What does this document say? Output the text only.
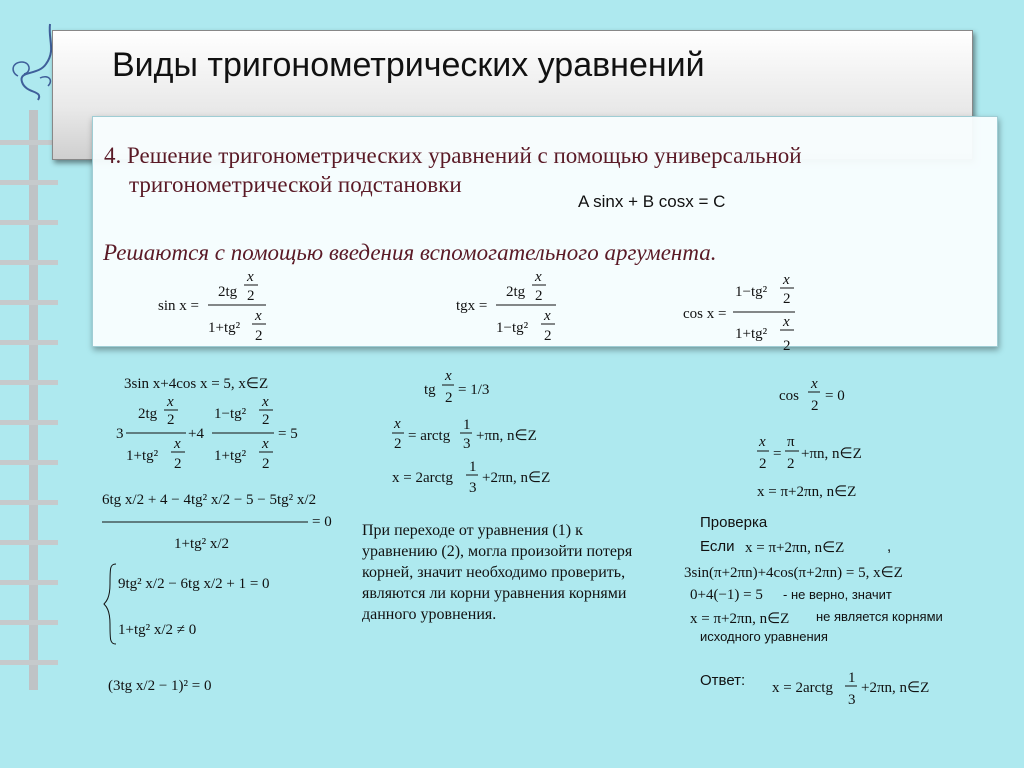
Виды тригонометрических уравнений

4. Решение тригонометрических уравнений с помощью универсальной
тригонометрической подстановки

A sinx + B cosx = C

Решаются с помощью введения вспомогательного аргумента.

sin x =
2tg
x
2
1+tg²
x
2
tgx =
2tg
x
2
1−tg²
x
2
cos x =
1−tg²
x
2
1+tg²
x
2
3sin x+4cos x = 5, x∈Z
3
2tg
x
2
1+tg²
x
2
+4
1−tg²
x
2
1+tg²
x
2
= 5
6tg x/2 + 4 − 4tg² x/2 − 5 − 5tg² x/2
1+tg² x/2
= 0
9tg² x/2 − 6tg x/2 + 1 = 0
1+tg² x/2 ≠ 0
(3tg x/2 − 1)² = 0
tg
x
2 = 1/3
x
2 = arctg
1
3 +πn, n∈Z
x = 2arctg
1
3
+2πn, n∈Z
cos
x
2
= 0
x
2
=
π
2
+πn, n∈Z
x = π+2πn, n∈Z
При переходе от уравнения (1) к уравнению (2), могла произойти потеря корней, значит необходимо проверить, являются ли корни уравнения корнями данного уровнения.
Проверка
Если x = π+2πn, n∈Z	,
3sin(π+2πn)+4cos(π+2πn) = 5, x∈Z
0+4(−1) = 5 - не верно, значит
x = π+2πn, n∈Z не является корнями
исходного уравнения
Ответ: x = 2arctg
1
3
+2πn, n∈Z
